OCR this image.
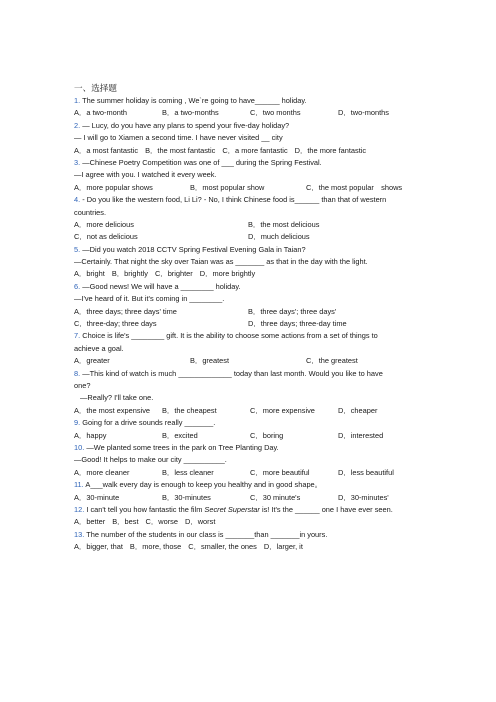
一、选择题
1. The summer holiday is coming , We`re going to have______ holiday.
A．a two-month	B．a two-months	C．two months	D．two-months
2. — Lucy, do you have any plans to spend your five-day holiday?
— I will go to Xiamen a second time. I have never visited __ city
A．a most fantastic B．the most fantastic C．a more fantastic D．the more fantastic
3. —Chinese Poetry Competition was one of ___ during the Spring Festival.
—I agree with you. I watched it every week.
A．more popular shows	B．most popular show	C．the most popular　shows
4. - Do you like the western food, Li Li? - No, I think Chinese food is______ than that of western
countries.
A．more delicious	B．the most delicious
C．not as delicious	D．much delicious
5. —Did you watch 2018 CCTV Spring Festival Evening Gala in Taian?
—Certainly. That night the sky over Taian was as _______ as that in the day with the light.
A．bright B．brightly C．brighter D．more brightly
6. —Good news! We will have a ________ holiday.
—I've heard of it. But it's coming in ________.
A．three days; three days' time	B．three days'; three days'
C．three-day; three days	D．three days; three-day time
7. Choice is life's ________ gift. It is the ability to choose some actions from a set of things to
achieve a goal.
A．greater	B．greatest	C．the greatest
8. —This kind of watch is much _____________ today than last month. Would you like to have
one?
—Really? I'll take one.
A．the most expensive	B．the cheapest	C．more expensive	D．cheaper
9. Going for a drive sounds really _______.
A．happy	B．excited	C．boring	D．interested
10. —We planted some trees in the park on Tree Planting Day.
—Good! It helps to make our city __________.
A．more cleaner	B．less cleaner	C．more beautiful	D．less beautiful
11. A___walk every day is enough to keep you healthy and in good shape。
A．30-minute	B．30-minutes	C．30 minute's	D．30-minutes'
12. I can't tell you how fantastic the film Secret Superstar is! It's the ______ one I have ever seen.
A．better B．best C．worse D．worst
13. The number of the students in our class is _______than _______in yours.
A．bigger, that B．more, those C．smaller, the ones D．larger, it
